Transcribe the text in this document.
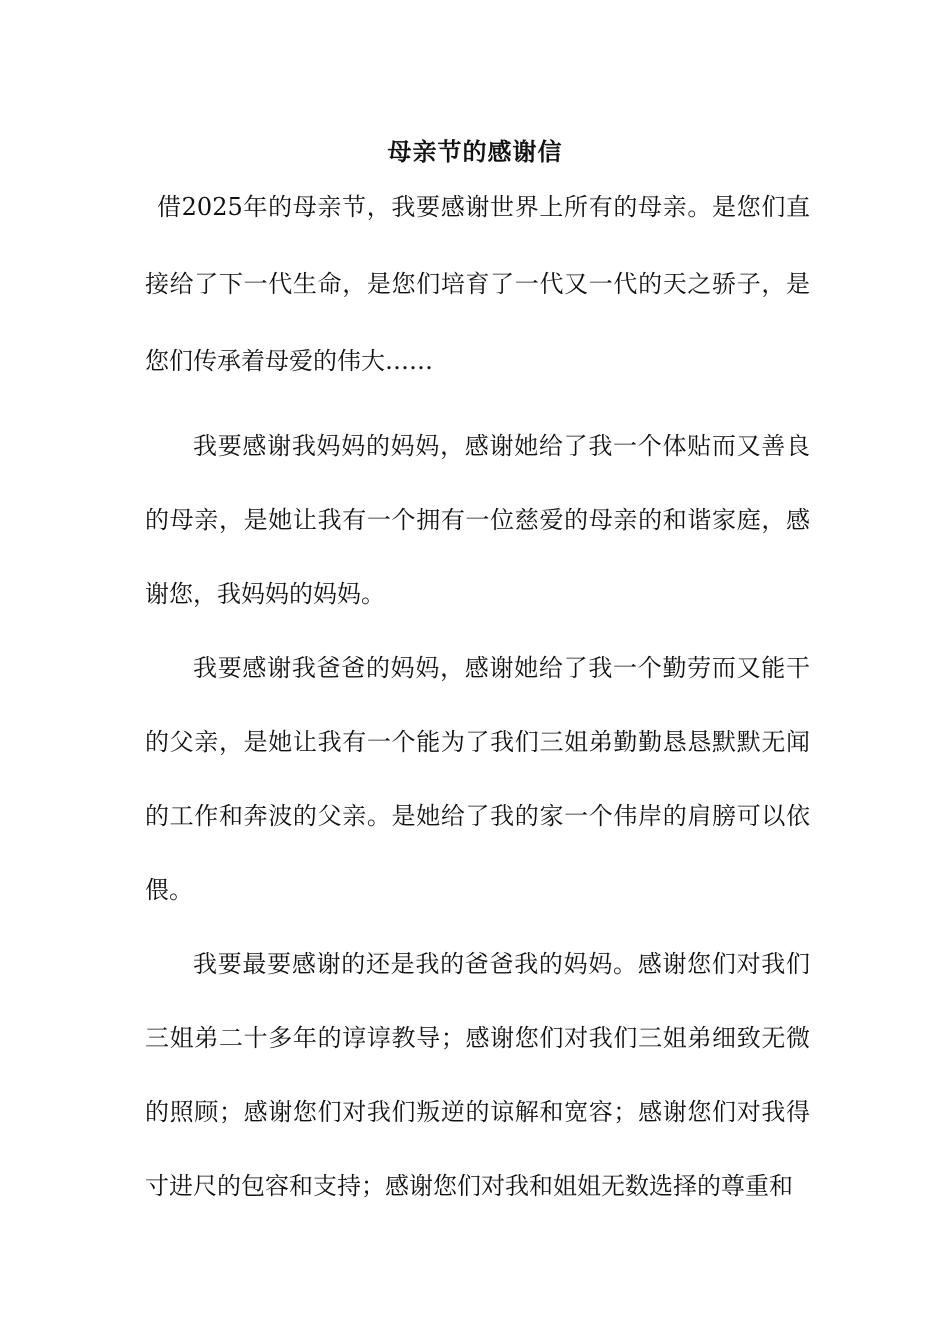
母亲节的感谢信

借2025年的母亲节，我要感谢世界上所有的母亲。是您们直接给了下一代生命，是您们培育了一代又一代的天之骄子，是您们传承着母爱的伟大……

我要感谢我妈妈的妈妈，感谢她给了我一个体贴而又善良的母亲，是她让我有一个拥有一位慈爱的母亲的和谐家庭，感谢您，我妈妈的妈妈。

我要感谢我爸爸的妈妈，感谢她给了我一个勤劳而又能干的父亲，是她让我有一个能为了我们三姐弟勤勤恳恳默默无闻的工作和奔波的父亲。是她给了我的家一个伟岸的肩膀可以依偎。

我要最要感谢的还是我的爸爸我的妈妈。感谢您们对我们三姐弟二十多年的谆谆教导；感谢您们对我们三姐弟细致无微的照顾；感谢您们对我们叛逆的谅解和宽容；感谢您们对我得寸进尺的包容和支持；感谢您们对我和姐姐无数选择的尊重和
